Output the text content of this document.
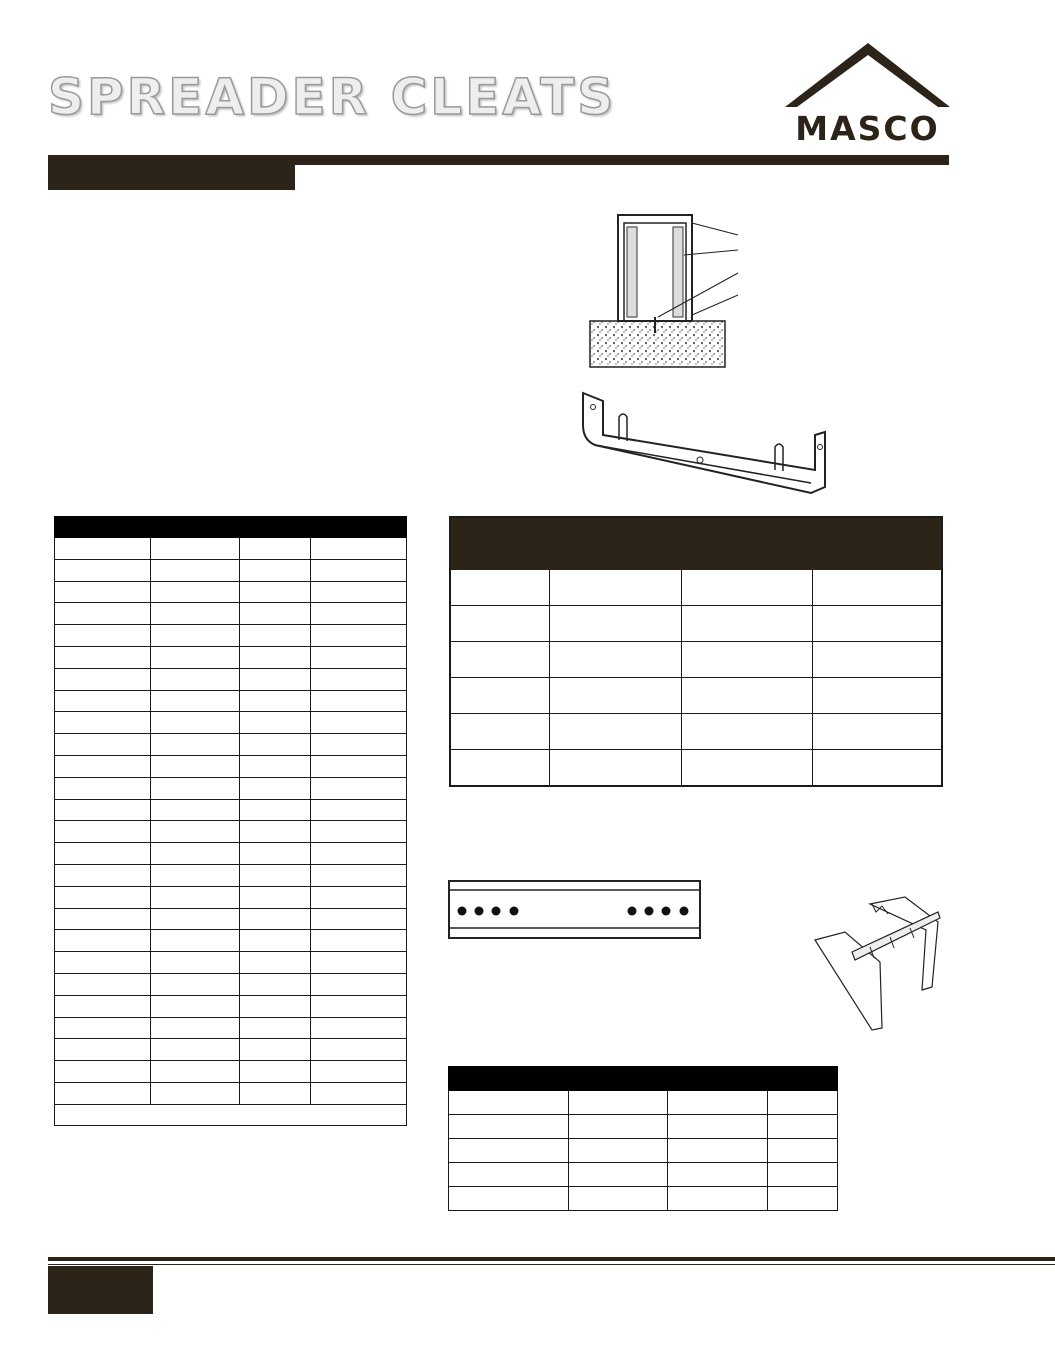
SPREADER CLEATS
MASCO
